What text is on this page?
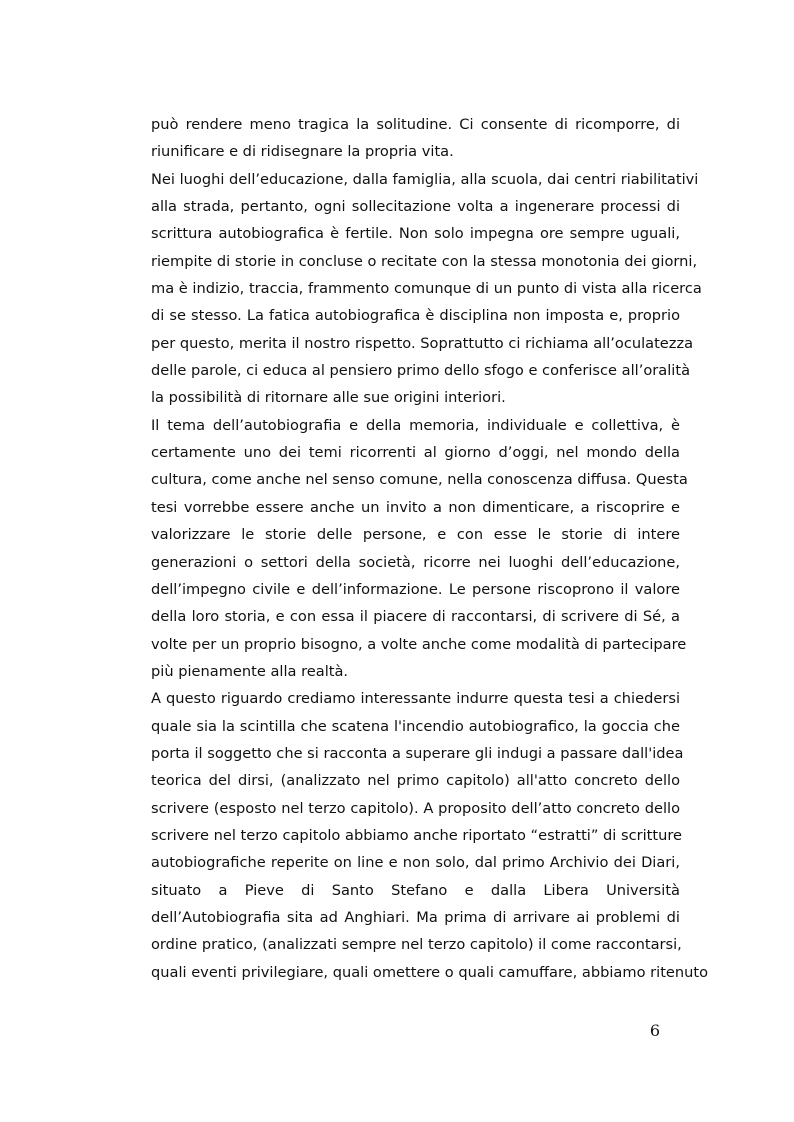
può rendere meno tragica la solitudine. Ci consente di ricomporre, di
riunificare e di ridisegnare la propria vita.
Nei luoghi dell’educazione, dalla famiglia, alla scuola, dai centri riabilitativi
alla strada, pertanto, ogni sollecitazione volta a ingenerare processi di
scrittura autobiografica è fertile. Non solo impegna ore sempre uguali,
riempite di storie in concluse o recitate con la stessa monotonia dei giorni,
ma è indizio, traccia, frammento comunque di un punto di vista alla ricerca
di se stesso. La fatica autobiografica è disciplina non imposta e, proprio
per questo, merita il nostro rispetto. Soprattutto ci richiama all’oculatezza
delle parole, ci educa al pensiero primo dello sfogo e conferisce all’oralità
la possibilità di ritornare alle sue origini interiori.
Il tema dell’autobiografia e della memoria, individuale e collettiva, è
certamente uno dei temi ricorrenti al giorno d’oggi, nel mondo della
cultura, come anche nel senso comune, nella conoscenza diffusa. Questa
tesi vorrebbe essere anche un invito a non dimenticare, a riscoprire e
valorizzare le storie delle persone, e con esse le storie di intere
generazioni o settori della società, ricorre nei luoghi dell’educazione,
dell’impegno civile e dell’informazione. Le persone riscoprono il valore
della loro storia, e con essa il piacere di raccontarsi, di scrivere di Sé, a
volte per un proprio bisogno, a volte anche come modalità di partecipare
più pienamente alla realtà.
A questo riguardo crediamo interessante indurre questa tesi a chiedersi
quale sia la scintilla che scatena l'incendio autobiografico, la goccia che
porta il soggetto che si racconta a superare gli indugi a passare dall'idea
teorica del dirsi, (analizzato nel primo capitolo) all'atto concreto dello
scrivere (esposto nel terzo capitolo). A proposito dell’atto concreto dello
scrivere nel terzo capitolo abbiamo anche riportato “estratti” di scritture
autobiografiche reperite on line e non solo, dal primo Archivio dei Diari,
situato a Pieve di Santo Stefano e dalla Libera Università
dell’Autobiografia sita ad Anghiari. Ma prima di arrivare ai problemi di
ordine pratico, (analizzati sempre nel terzo capitolo) il come raccontarsi,
quali eventi privilegiare, quali omettere o quali camuffare, abbiamo ritenuto
6
